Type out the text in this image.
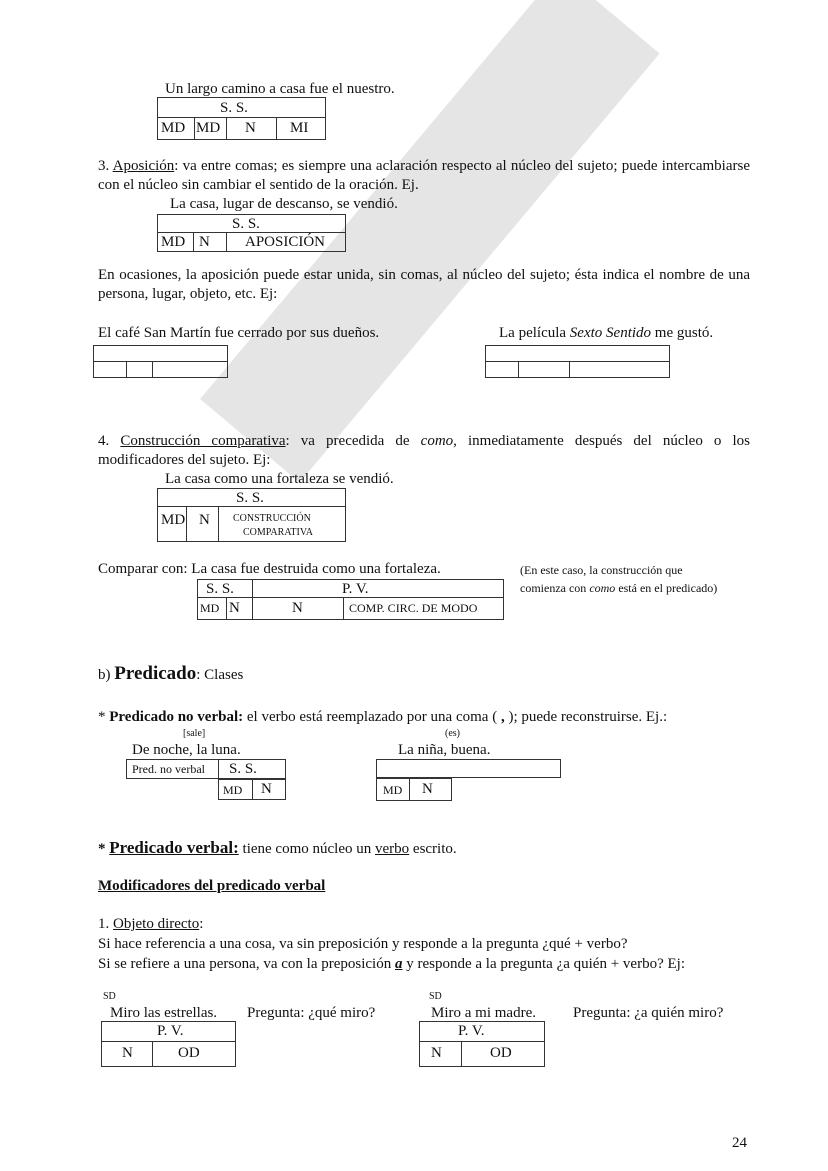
Un largo camino a casa fue el nuestro.
S. S.
MD MD N MI
3. Aposición: va entre comas; es siempre una aclaración respecto al núcleo del sujeto; puede intercambiarse con el núcleo sin cambiar el sentido de la oración. Ej.
La casa, lugar de descanso, se vendió.
S. S.
MD N APOSICIÓN
En ocasiones, la aposición puede estar unida, sin comas, al núcleo del sujeto; ésta indica el nombre de una persona, lugar, objeto, etc. Ej:
El café San Martín fue cerrado por sus dueños.	La película Sexto Sentido me gustó.
4. Construcción comparativa: va precedida de como, inmediatamente después del núcleo o los modificadores del sujeto. Ej:
La casa como una fortaleza se vendió.
S. S.
MD N CONSTRUCCIÓN
COMPARATIVA
Comparar con: La casa fue destruida como una fortaleza.	(En este caso, la construcción que
comienza con como está en el predicado)
S. S.	P. V.
MD N	N	COMP. CIRC. DE MODO
b) Predicado: Clases
* Predicado no verbal: el verbo está reemplazado por una coma ( , ); puede reconstruirse. Ej.:
[sale]
De noche, la luna.
Pred. no verbal S. S.
MD N
(es)
La niña, buena.
MD N
* Predicado verbal: tiene como núcleo un verbo escrito.
Modificadores del predicado verbal
1. Objeto directo:
Si hace referencia a una cosa, va sin preposición y responde a la pregunta ¿qué + verbo?
Si se refiere a una persona, va con la preposición a y responde a la pregunta ¿a quién + verbo? Ej:
SD
Miro las estrellas. Pregunta: ¿qué miro?
P. V.
N	OD
SD
Miro a mi madre. Pregunta: ¿a quién miro?
P. V.
N	OD
24
